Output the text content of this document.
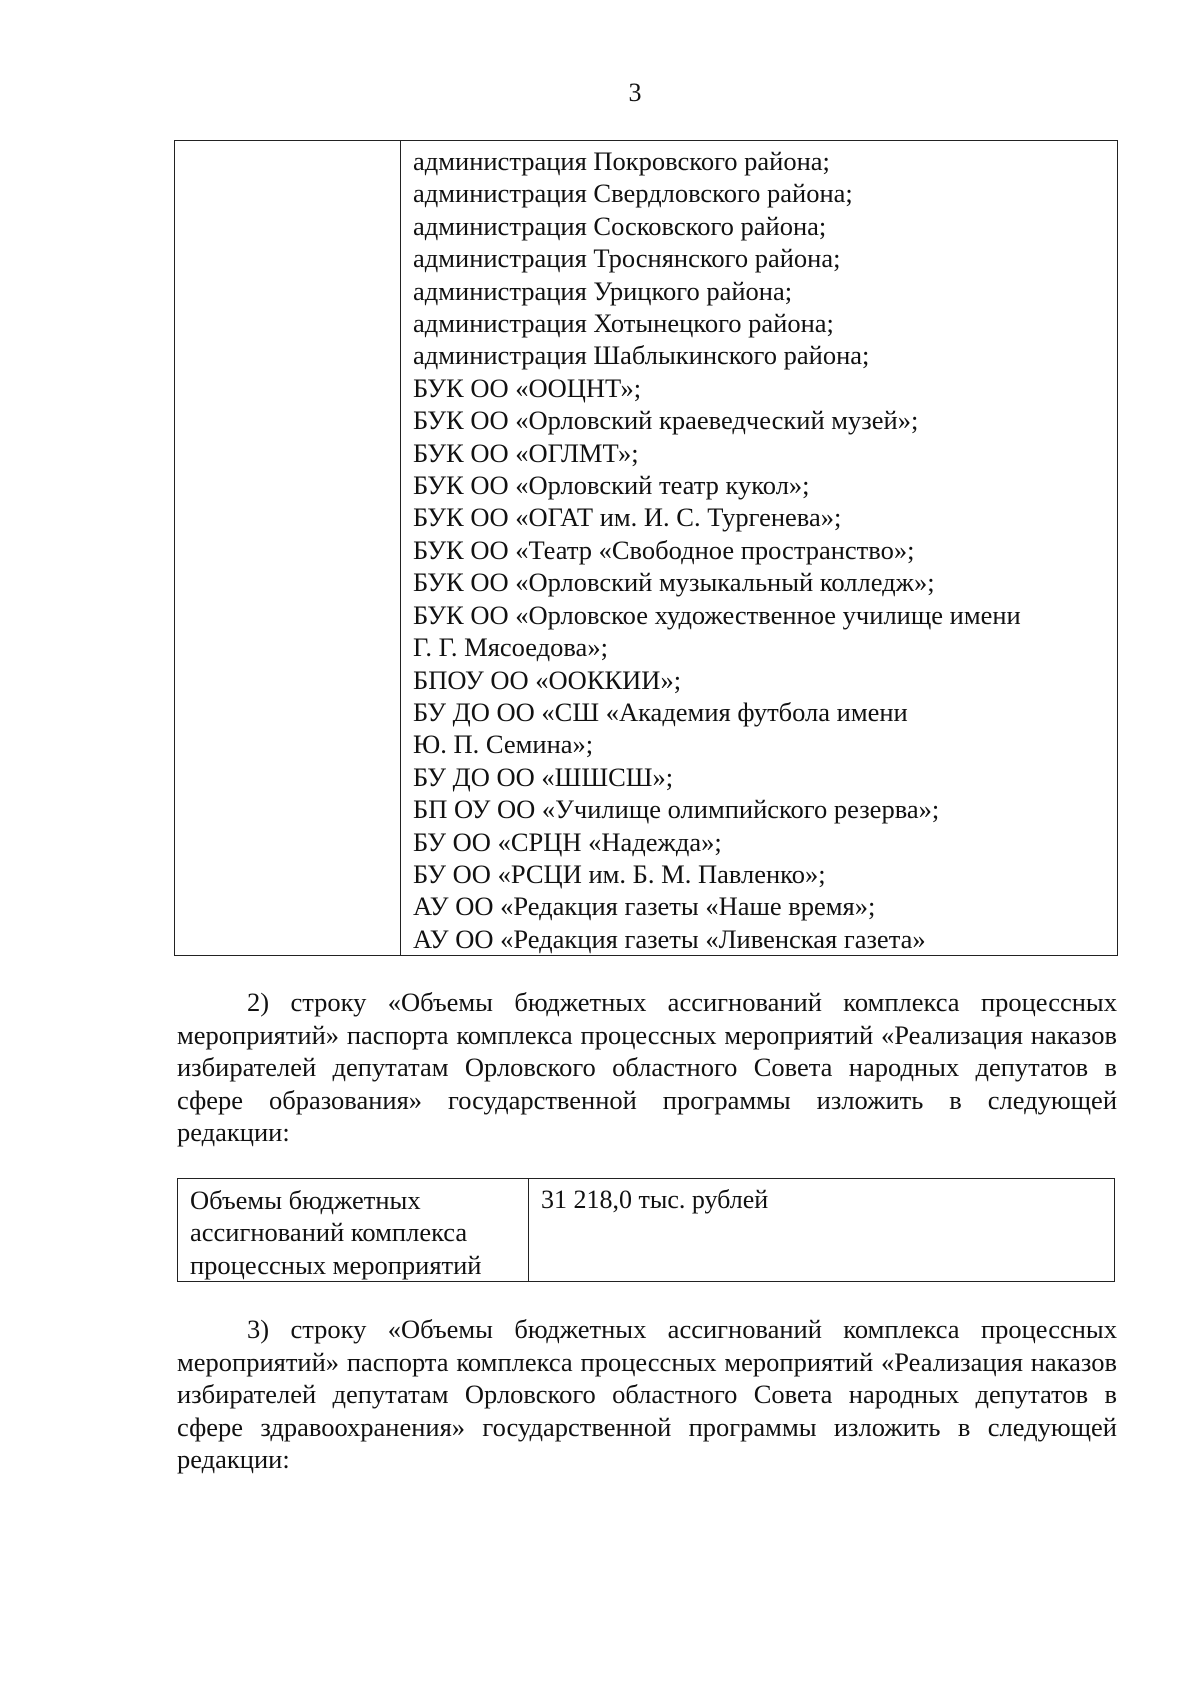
3

администрация Покровского района;
администрация Свердловского района;
администрация Сосковского района;
администрация Троснянского района;
администрация Урицкого района;
администрация Хотынецкого района;
администрация Шаблыкинского района;
БУК ОО «ООЦНТ»;
БУК ОО «Орловский краеведческий музей»;
БУК ОО «ОГЛМТ»;
БУК ОО «Орловский театр кукол»;
БУК ОО «ОГАТ им. И. С. Тургенева»;
БУК ОО «Театр «Свободное пространство»;
БУК ОО «Орловский музыкальный колледж»;
БУК ОО «Орловское художественное училище имени
Г. Г. Мясоедова»;
БПОУ ОО «ООККИИ»;
БУ ДО ОО «СШ «Академия футбола имени
Ю. П. Семина»;
БУ ДО ОО «ШШСШ»;
БП ОУ ОО «Училище олимпийского резерва»;
БУ ОО «СРЦН «Надежда»;
БУ ОО «РСЦИ им. Б. М. Павленко»;
АУ ОО «Редакция газеты «Наше время»;
АУ ОО «Редакция газеты «Ливенская газета»

2) строку «Объемы бюджетных ассигнований комплекса процессных мероприятий» паспорта комплекса процессных мероприятий «Реализация наказов избирателей депутатам Орловского областного Совета народных депутатов в сфере образования» государственной программы изложить в следующей редакции:

Объемы бюджетных
ассигнований комплекса
процессных мероприятий
	31 218,0 тыс. рублей

3) строку «Объемы бюджетных ассигнований комплекса процессных мероприятий» паспорта комплекса процессных мероприятий «Реализация наказов избирателей депутатам Орловского областного Совета народных депутатов в сфере здравоохранения» государственной программы изложить в следующей редакции:
